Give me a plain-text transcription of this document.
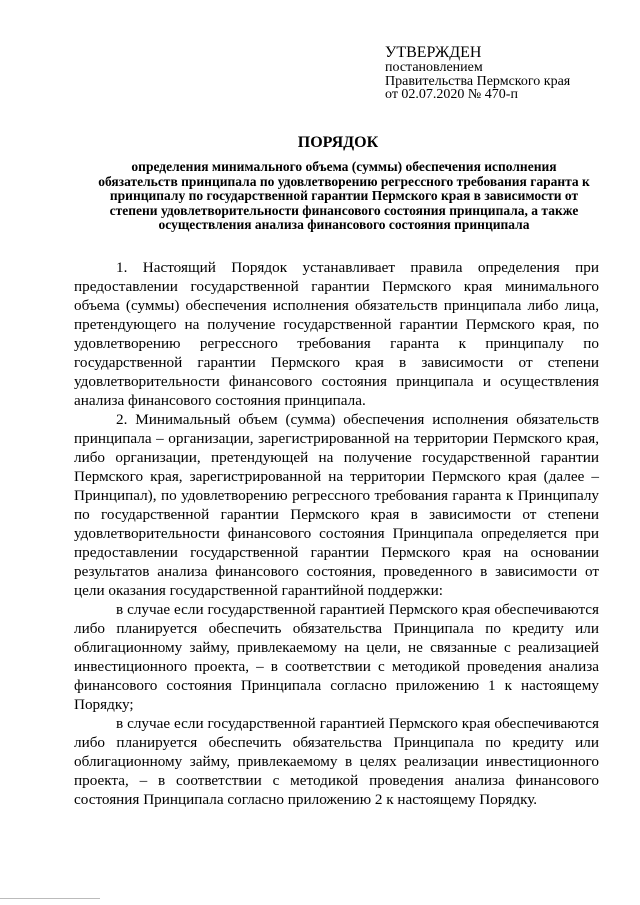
УТВЕРЖДЕН
постановлением
Правительства Пермского края
от 02.07.2020 № 470-п
ПОРЯДОК
определения минимального объема (суммы) обеспечения исполнения обязательств принципала по удовлетворению регрессного требования гаранта к принципалу по государственной гарантии Пермского края в зависимости от степени удовлетворительности финансового состояния принципала, а также осуществления анализа финансового состояния принципала

1. Настоящий Порядок устанавливает правила определения при предоставлении государственной гарантии Пермского края минимального объема (суммы) обеспечения исполнения обязательств принципала либо лица, претендующего на получение государственной гарантии Пермского края, по удовлетворению регрессного требования гаранта к принципалу по государственной гарантии Пермского края в зависимости от степени удовлетворительности финансового состояния принципала и осуществления анализа финансового состояния принципала.

2. Минимальный объем (сумма) обеспечения исполнения обязательств принципала – организации, зарегистрированной на территории Пермского края, либо организации, претендующей на получение государственной гарантии Пермского края, зарегистрированной на территории Пермского края (далее – Принципал), по удовлетворению регрессного требования гаранта к Принципалу по государственной гарантии Пермского края в зависимости от степени удовлетворительности финансового состояния Принципала определяется при предоставлении государственной гарантии Пермского края на основании результатов анализа финансового состояния, проведенного в зависимости от цели оказания государственной гарантийной поддержки:

в случае если государственной гарантией Пермского края обеспечиваются либо планируется обеспечить обязательства Принципала по кредиту или облигационному займу, привлекаемому на цели, не связанные с реализацией инвестиционного проекта, – в соответствии с методикой проведения анализа финансового состояния Принципала согласно приложению 1 к настоящему Порядку;

в случае если государственной гарантией Пермского края обеспечиваются либо планируется обеспечить обязательства Принципала по кредиту или облигационному займу, привлекаемому в целях реализации инвестиционного проекта, – в соответствии с методикой проведения анализа финансового состояния Принципала согласно приложению 2 к настоящему Порядку.
